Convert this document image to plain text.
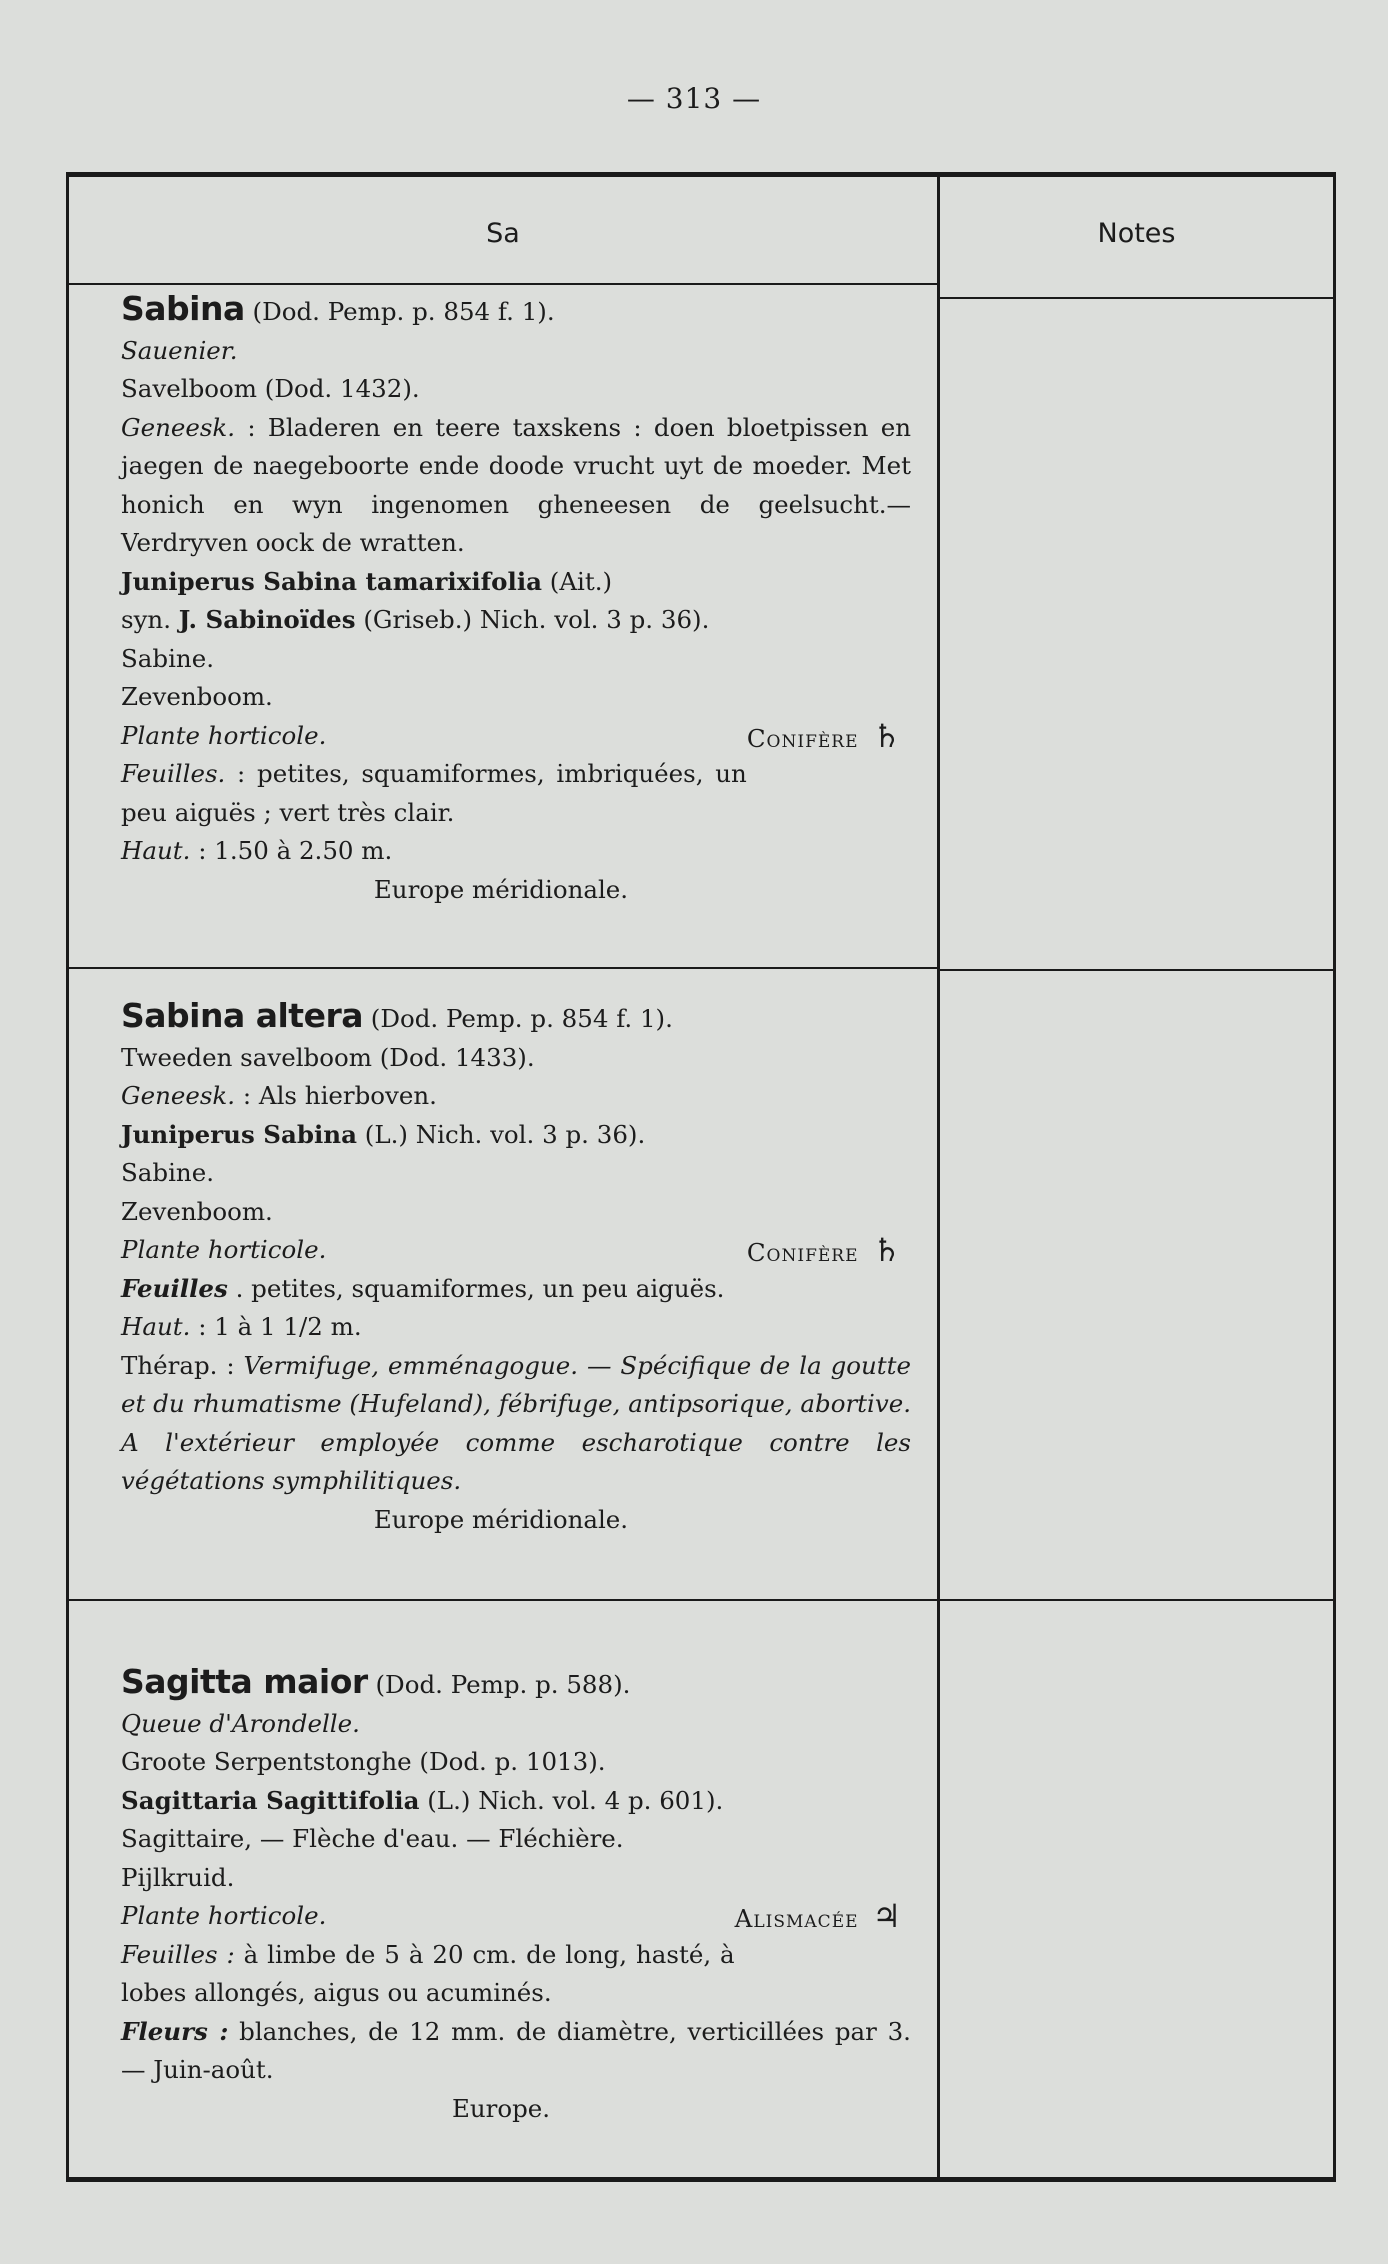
— 313 —
Sa	Notes
Sabina (Dod. Pemp. p. 854 f. 1).
Sauenier.
Savelboom (Dod. 1432).
Geneesk. : Bladeren en teere taxskens : doen bloetpissen en jaegen de naegeboorte ende doode vrucht uyt de moeder. Met honich en wyn ingenomen gheneesen de geelsucht.— Verdryven oock de wratten.
Juniperus Sabina tamarixifolia (Ait.)
syn. J. Sabinoïdes (Griseb.) Nich. vol. 3 p. 36).
Sabine.
Zevenboom.
Plante horticole.	Conifère ♄
Feuilles. : petites, squamiformes, imbriquées, un peu aiguës ; vert très clair.
Haut. : 1.50 à 2.50 m.
Europe méridionale.
Sabina altera (Dod. Pemp. p. 854 f. 1).
Tweeden savelboom (Dod. 1433).
Geneesk. : Als hierboven.
Juniperus Sabina (L.) Nich. vol. 3 p. 36).
Sabine.
Zevenboom.
Plante horticole.	Conifère ♄
Feuilles . petites, squamiformes, un peu aiguës.
Haut. : 1 à 1 1/2 m.
Thérap. : Vermifuge, emménagogue. — Spécifique de la goutte et du rhumatisme (Hufeland), fébrifuge, antipsorique, abortive. A l'extérieur employée comme escharotique contre les végétations symphilitiques.
Europe méridionale.
Sagitta maior (Dod. Pemp. p. 588).
Queue d'Arondelle.
Groote Serpentstonghe (Dod. p. 1013).
Sagittaria Sagittifolia (L.) Nich. vol. 4 p. 601).
Sagittaire, — Flèche d'eau. — Fléchière.
Pijlkruid.
Plante horticole.	Alismacée ♃
Feuilles : à limbe de 5 à 20 cm. de long, hasté, à lobes allongés, aigus ou acuminés.
Fleurs : blanches, de 12 mm. de diamètre, verticillées par 3. — Juin-août.
Europe.
